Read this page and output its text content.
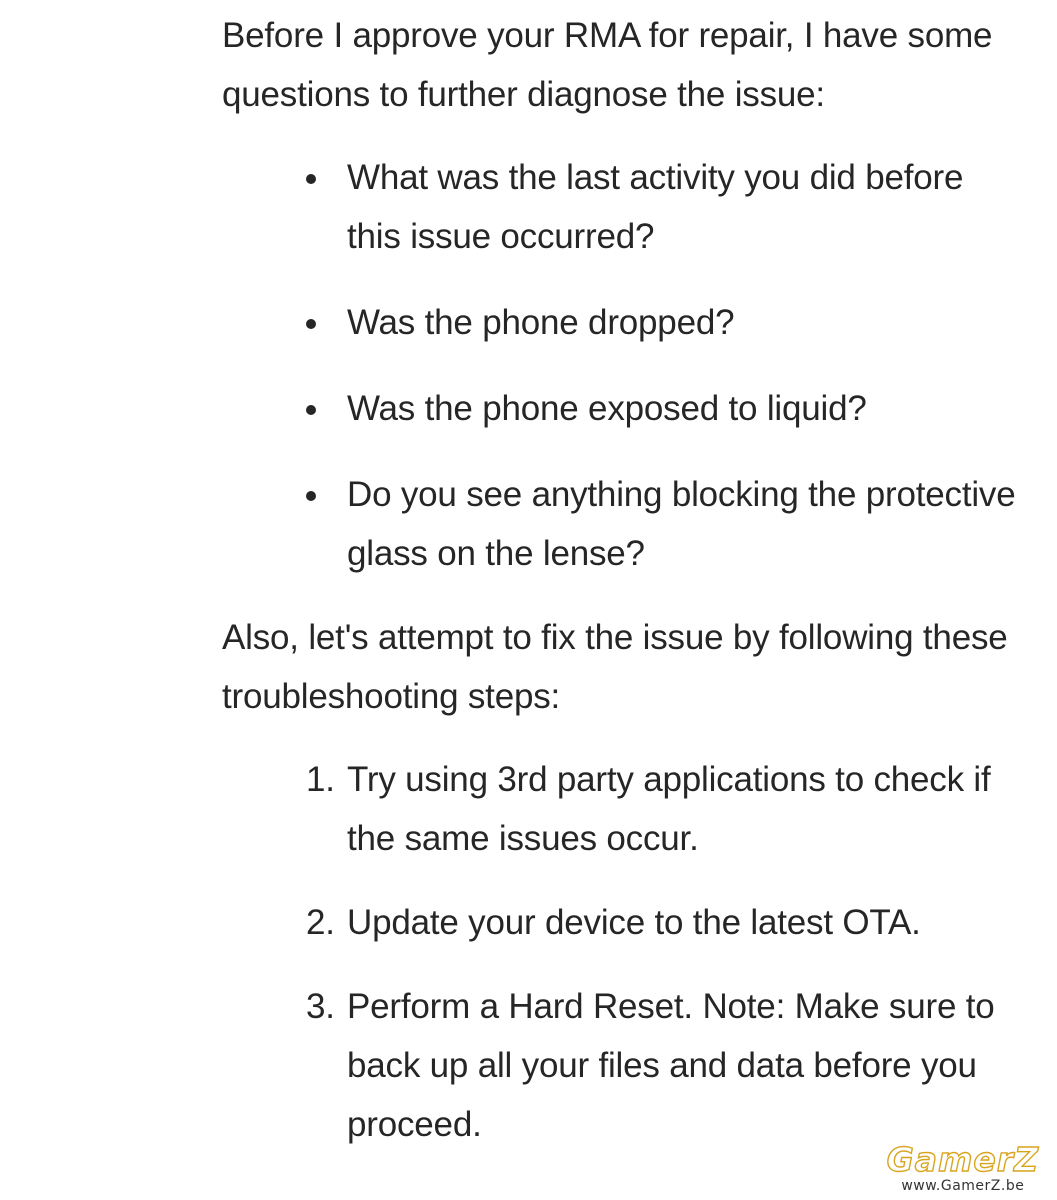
Before I approve your RMA for repair, I have some questions to further diagnose the issue:

What was the last activity you did before this issue occurred?
Was the phone dropped?
Was the phone exposed to liquid?
Do you see anything blocking the protective glass on the lense?

Also, let's attempt to fix the issue by following these troubleshooting steps:

1. Try using 3rd party applications to check if the same issues occur.
2. Update your device to the latest OTA.
3. Perform a Hard Reset. Note: Make sure to back up all your files and data before you proceed.
GamerZ
www.GamerZ.be
